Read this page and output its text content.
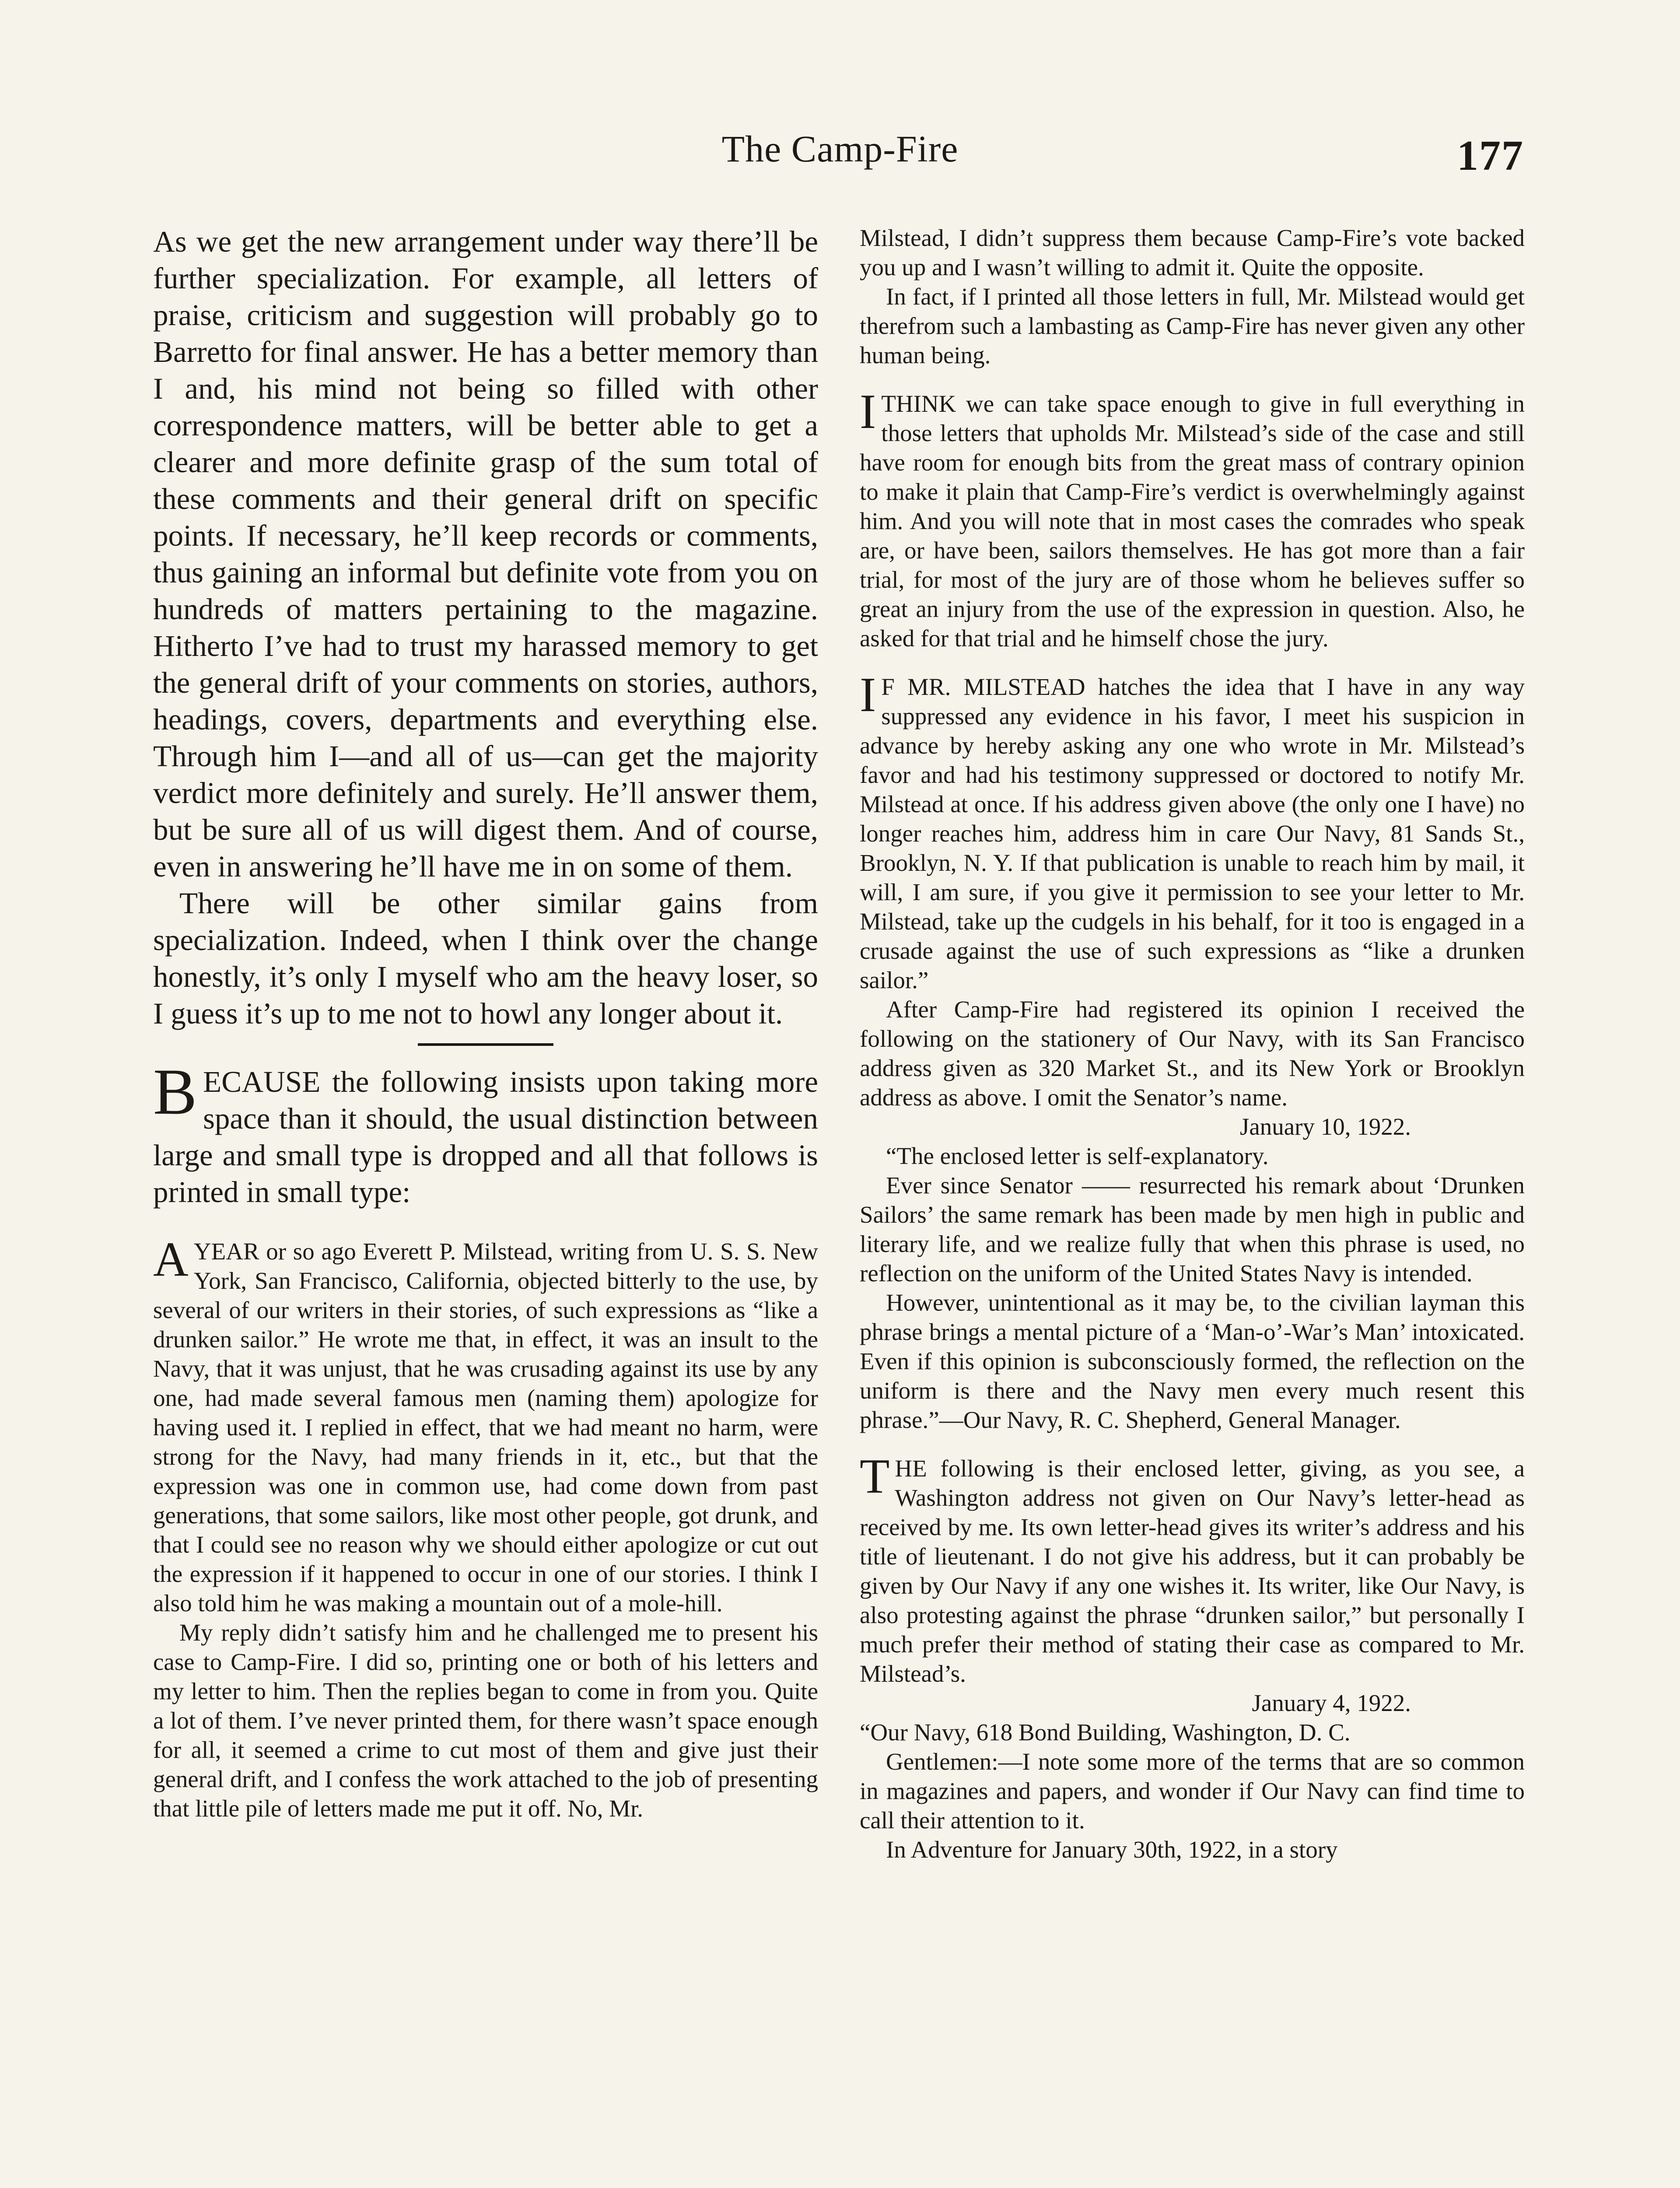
The Camp-Fire	177

As we get the new arrangement under way there’ll be further specialization. For example, all letters of praise, criticism and suggestion will probably go to Barretto for final answer. He has a better memory than I and, his mind not being so filled with other correspondence matters, will be better able to get a clearer and more definite grasp of the sum total of these comments and their general drift on specific points. If necessary, he’ll keep records or comments, thus gaining an informal but definite vote from you on hundreds of matters pertaining to the magazine. Hitherto I’ve had to trust my harassed memory to get the general drift of your comments on stories, authors, headings, covers, departments and everything else. Through him I—and all of us—can get the majority verdict more definitely and surely. He’ll answer them, but be sure all of us will digest them. And of course, even in answering he’ll have me in on some of them.

There will be other similar gains from specialization. Indeed, when I think over the change honestly, it’s only I myself who am the heavy loser, so I guess it’s up to me not to howl any longer about it.

BECAUSE the following insists upon taking more space than it should, the usual distinction between large and small type is dropped and all that follows is printed in small type:

AYEAR or so ago Everett P. Milstead, writing from U. S. S. New York, San Francisco, California, objected bitterly to the use, by several of our writers in their stories, of such expressions as “like a drunken sailor.” He wrote me that, in effect, it was an insult to the Navy, that it was unjust, that he was crusading against its use by any one, had made several famous men (naming them) apologize for having used it. I replied in effect, that we had meant no harm, were strong for the Navy, had many friends in it, etc., but that the expression was one in common use, had come down from past generations, that some sailors, like most other people, got drunk, and that I could see no reason why we should either apologize or cut out the expression if it happened to occur in one of our stories. I think I also told him he was making a mountain out of a mole-hill.

My reply didn’t satisfy him and he challenged me to present his case to Camp-Fire. I did so, printing one or both of his letters and my letter to him. Then the replies began to come in from you. Quite a lot of them. I’ve never printed them, for there wasn’t space enough for all, it seemed a crime to cut most of them and give just their general drift, and I confess the work attached to the job of presenting that little pile of letters made me put it off. No, Mr.

Milstead, I didn’t suppress them because Camp-Fire’s vote backed you up and I wasn’t willing to admit it. Quite the opposite.

In fact, if I printed all those letters in full, Mr. Milstead would get therefrom such a lambasting as Camp-Fire has never given any other human being.

ITHINK we can take space enough to give in full everything in those letters that upholds Mr. Milstead’s side of the case and still have room for enough bits from the great mass of contrary opinion to make it plain that Camp-Fire’s verdict is overwhelmingly against him. And you will note that in most cases the comrades who speak are, or have been, sailors themselves. He has got more than a fair trial, for most of the jury are of those whom he believes suffer so great an injury from the use of the expression in question. Also, he asked for that trial and he himself chose the jury.

I F MR. MILSTEAD hatches the idea that I have in any way suppressed any evidence in his favor, I meet his suspicion in advance by hereby asking any one who wrote in Mr. Milstead’s favor and had his testimony suppressed or doctored to notify Mr. Milstead at once. If his address given above (the only one I have) no longer reaches him, address him in care Our Navy, 81 Sands St., Brooklyn, N. Y. If that publication is unable to reach him by mail, it will, I am sure, if you give it permission to see your letter to Mr. Milstead, take up the cudgels in his behalf, for it too is engaged in a crusade against the use of such expressions as “like a drunken sailor.”

After Camp-Fire had registered its opinion I received the following on the stationery of Our Navy, with its San Francisco address given as 320 Market St., and its New York or Brooklyn address as above. I omit the Senator’s name.

January 10, 1922.

“The enclosed letter is self-explanatory.

Ever since Senator —— resurrected his remark about ‘Drunken Sailors’ the same remark has been made by men high in public and literary life, and we realize fully that when this phrase is used, no reflection on the uniform of the United States Navy is intended.

However, unintentional as it may be, to the civilian layman this phrase brings a mental picture of a ‘Man-o’-War’s Man’ intoxicated. Even if this opinion is subconsciously formed, the reflection on the uniform is there and the Navy men every much resent this phrase.”—Our Navy, R. C. Shepherd, General Manager.

THE following is their enclosed letter, giving, as you see, a Washington address not given on Our Navy’s letter-head as received by me. Its own letter-head gives its writer’s address and his title of lieutenant. I do not give his address, but it can probably be given by Our Navy if any one wishes it. Its writer, like Our Navy, is also protesting against the phrase “drunken sailor,” but personally I much prefer their method of stating their case as compared to Mr. Milstead’s.

January 4, 1922.

“Our Navy, 618 Bond Building, Washington, D. C.

Gentlemen:—I note some more of the terms that are so common in magazines and papers, and wonder if Our Navy can find time to call their attention to it.

In Adventure for January 30th, 1922, in a story
